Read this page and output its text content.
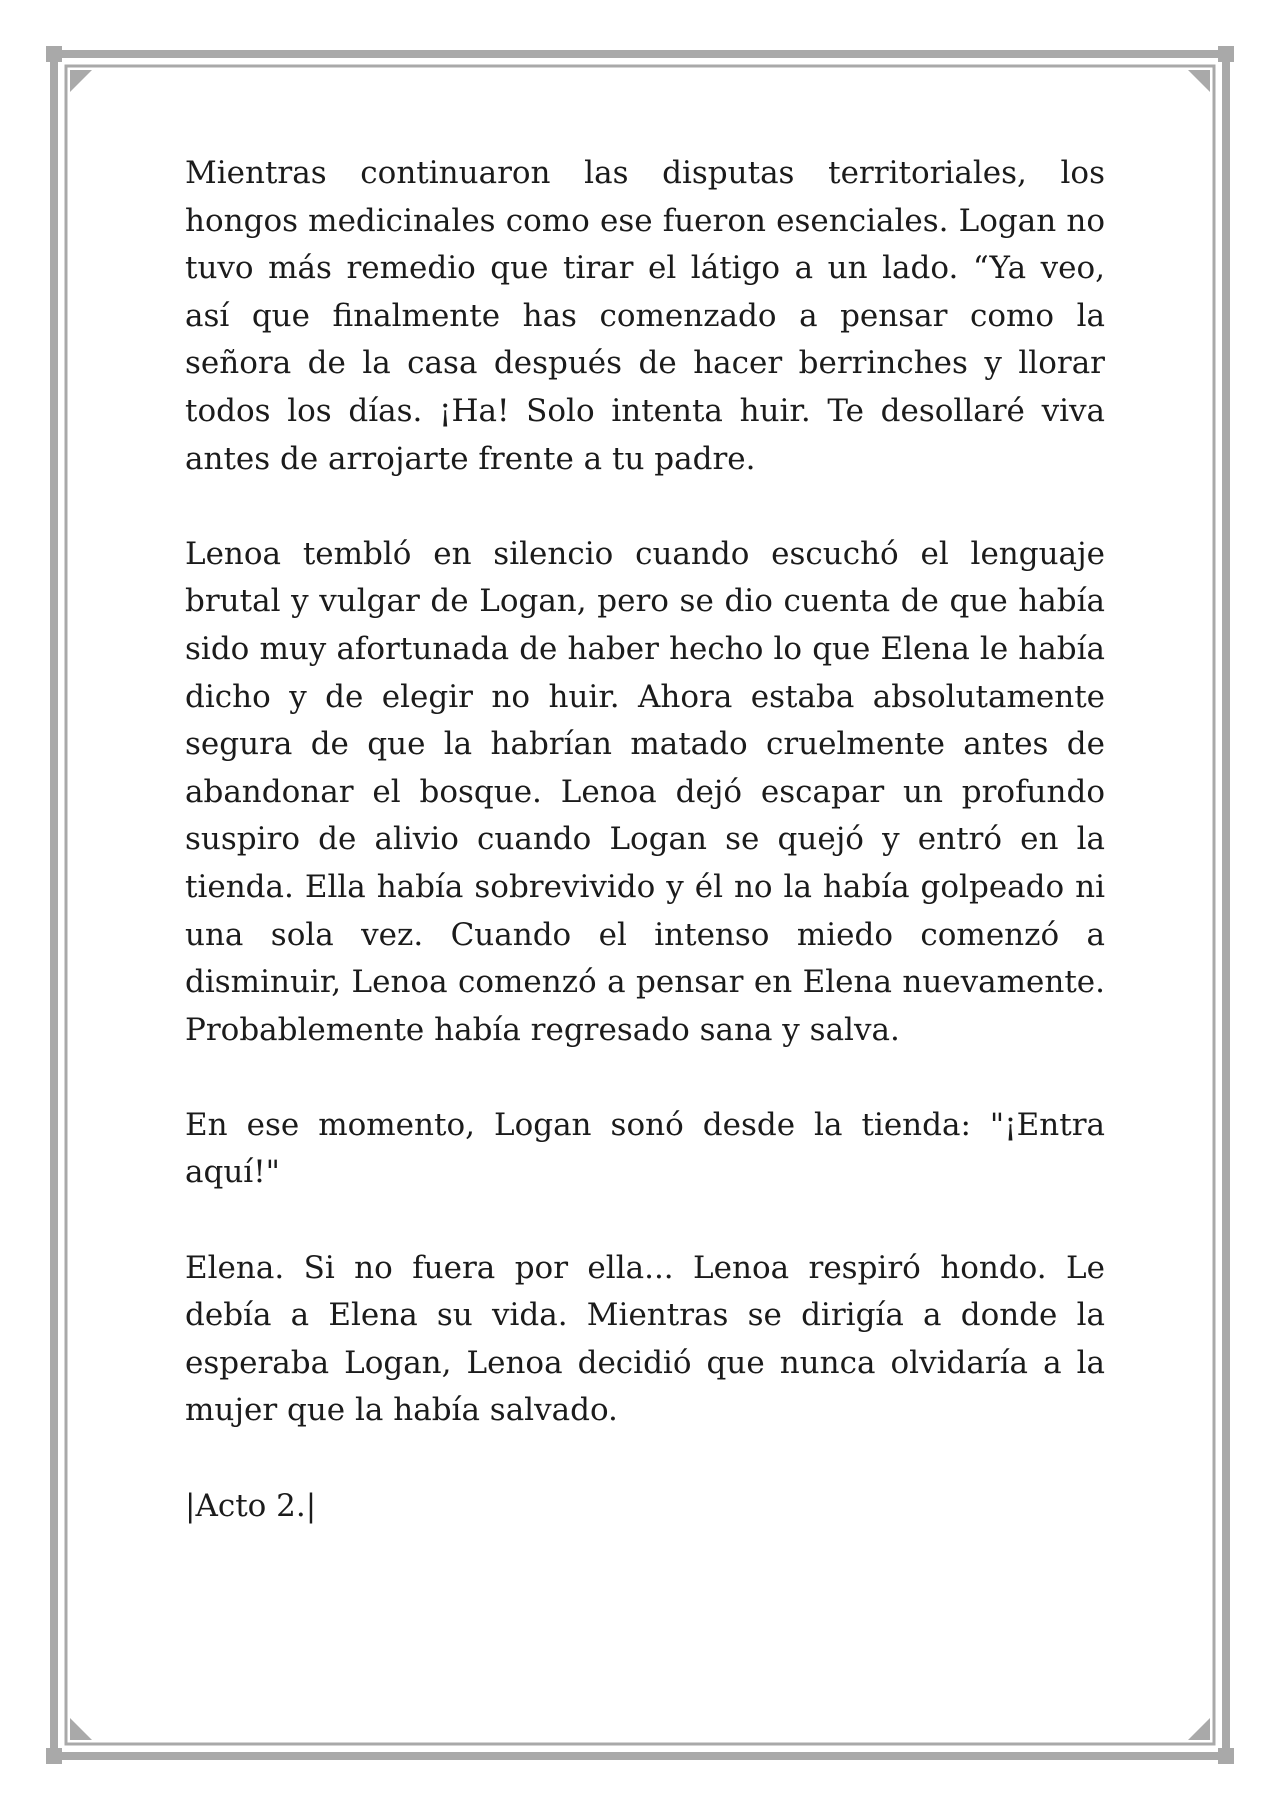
Mientras continuaron las disputas territoriales, los hongos medicinales como ese fueron esenciales. Logan no tuvo más remedio que tirar el látigo a un lado. “Ya veo, así que finalmente has comenzado a pensar como la señora de la casa después de hacer berrinches y llorar todos los días. ¡Ha! Solo intenta huir. Te desollaré viva antes de arrojarte frente a tu padre.

Lenoa tembló en silencio cuando escuchó el lenguaje brutal y vulgar de Logan, pero se dio cuenta de que había sido muy afortunada de haber hecho lo que Elena le había dicho y de elegir no huir. Ahora estaba absolutamente segura de que la habrían matado cruelmente antes de abandonar el bosque. Lenoa dejó escapar un profundo suspiro de alivio cuando Logan se quejó y entró en la tienda. Ella había sobrevivido y él no la había golpeado ni una sola vez. Cuando el intenso miedo comenzó a disminuir, Lenoa comenzó a pensar en Elena nuevamente. Probablemente había regresado sana y salva.

En ese momento, Logan sonó desde la tienda: "¡Entra aquí!"

Elena. Si no fuera por ella... Lenoa respiró hondo. Le debía a Elena su vida. Mientras se dirigía a donde la esperaba Logan, Lenoa decidió que nunca olvidaría a la mujer que la había salvado.

|Acto 2.|
